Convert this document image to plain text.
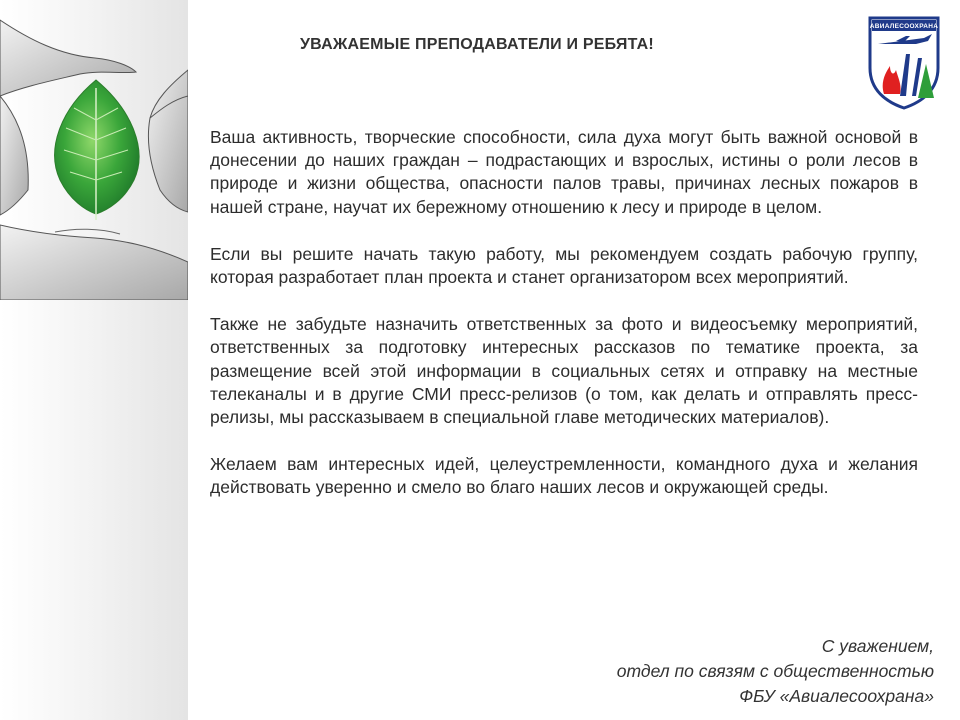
АВИАЛЕСООХРАНА
УВАЖАЕМЫЕ ПРЕПОДАВАТЕЛИ И РЕБЯТА!

Ваша активность, творческие способности, сила духа могут быть важной основой в донесении до наших граждан – подрастающих и взрослых, истины о роли лесов в природе и жизни общества, опасности палов травы, причинах лесных пожаров в нашей стране, научат их бережному отношению к лесу и природе в целом.

Если вы решите начать такую работу, мы рекомендуем создать рабочую группу, которая разработает план проекта и станет организатором всех мероприятий.

Также не забудьте назначить ответственных за фото и видеосъемку мероприятий, ответственных за подготовку интересных рассказов по тематике проекта, за размещение всей этой информации в социальных сетях и отправку на местные телеканалы и в другие СМИ пресс-релизов (о том, как делать и отправлять пресс-релизы, мы рассказываем в специальной главе методических материалов).

Желаем вам интересных идей, целеустремленности, командного духа и желания действовать уверенно и смело во благо наших лесов и окружающей среды.

С уважением,
отдел по связям с общественностью
ФБУ «Авиалесоохрана»
